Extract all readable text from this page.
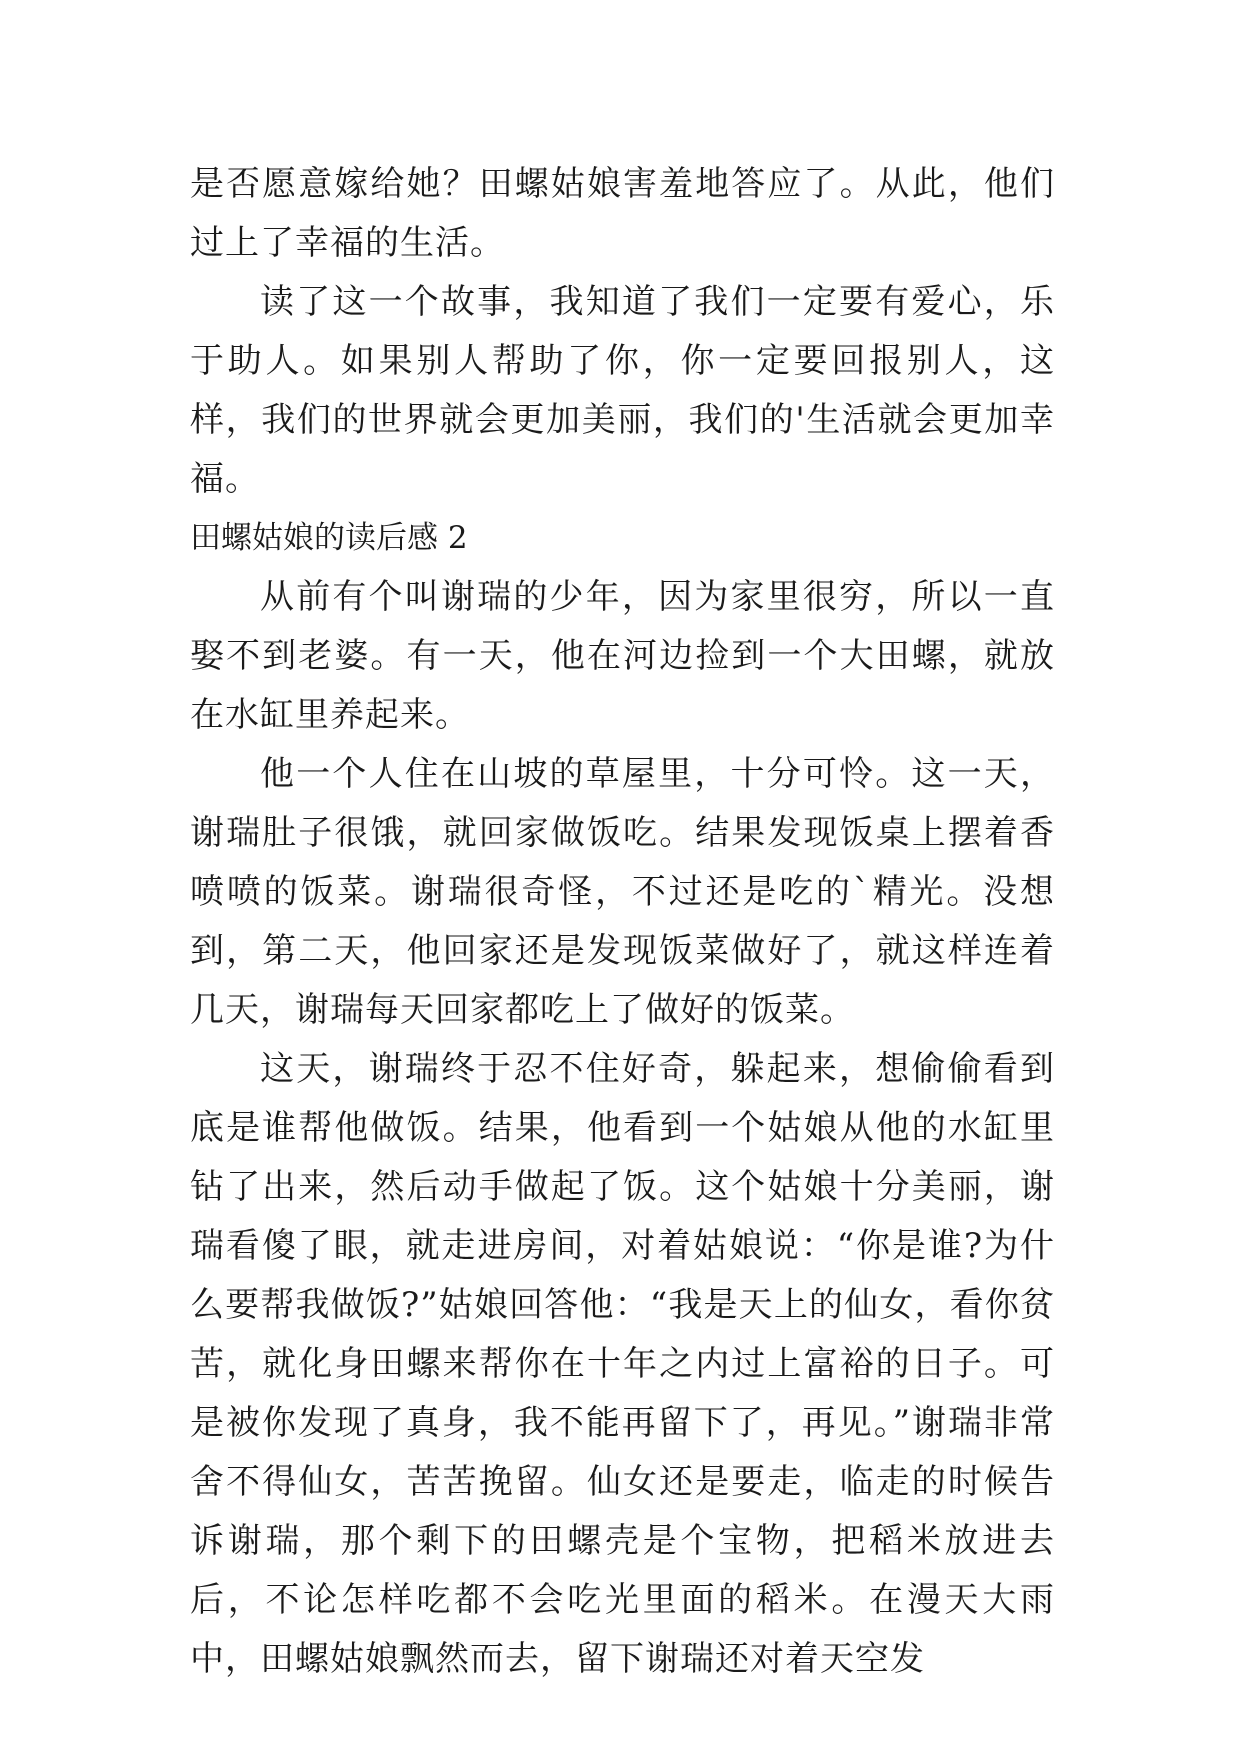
是否愿意嫁给她？田螺姑娘害羞地答应了。从此，他们过上了幸福的生活。

读了这一个故事，我知道了我们一定要有爱心，乐于助人。如果别人帮助了你，你一定要回报别人，这样，我们的世界就会更加美丽，我们的'生活就会更加幸福。

田螺姑娘的读后感 2

从前有个叫谢瑞的少年，因为家里很穷，所以一直娶不到老婆。有一天，他在河边捡到一个大田螺，就放在水缸里养起来。

他一个人住在山坡的草屋里，十分可怜。这一天，谢瑞肚子很饿，就回家做饭吃。结果发现饭桌上摆着香喷喷的饭菜。谢瑞很奇怪，不过还是吃的`精光。没想到，第二天，他回家还是发现饭菜做好了，就这样连着几天，谢瑞每天回家都吃上了做好的饭菜。

这天，谢瑞终于忍不住好奇，躲起来，想偷偷看到底是谁帮他做饭。结果，他看到一个姑娘从他的水缸里钻了出来，然后动手做起了饭。这个姑娘十分美丽，谢瑞看傻了眼，就走进房间，对着姑娘说：“你是谁?为什么要帮我做饭?”姑娘回答他：“我是天上的仙女，看你贫苦，就化身田螺来帮你在十年之内过上富裕的日子。可是被你发现了真身，我不能再留下了，再见。”谢瑞非常舍不得仙女，苦苦挽留。仙女还是要走，临走的时候告诉谢瑞，那个剩下的田螺壳是个宝物，把稻米放进去后，不论怎样吃都不会吃光里面的稻米。在漫天大雨中，田螺姑娘飘然而去，留下谢瑞还对着天空发
